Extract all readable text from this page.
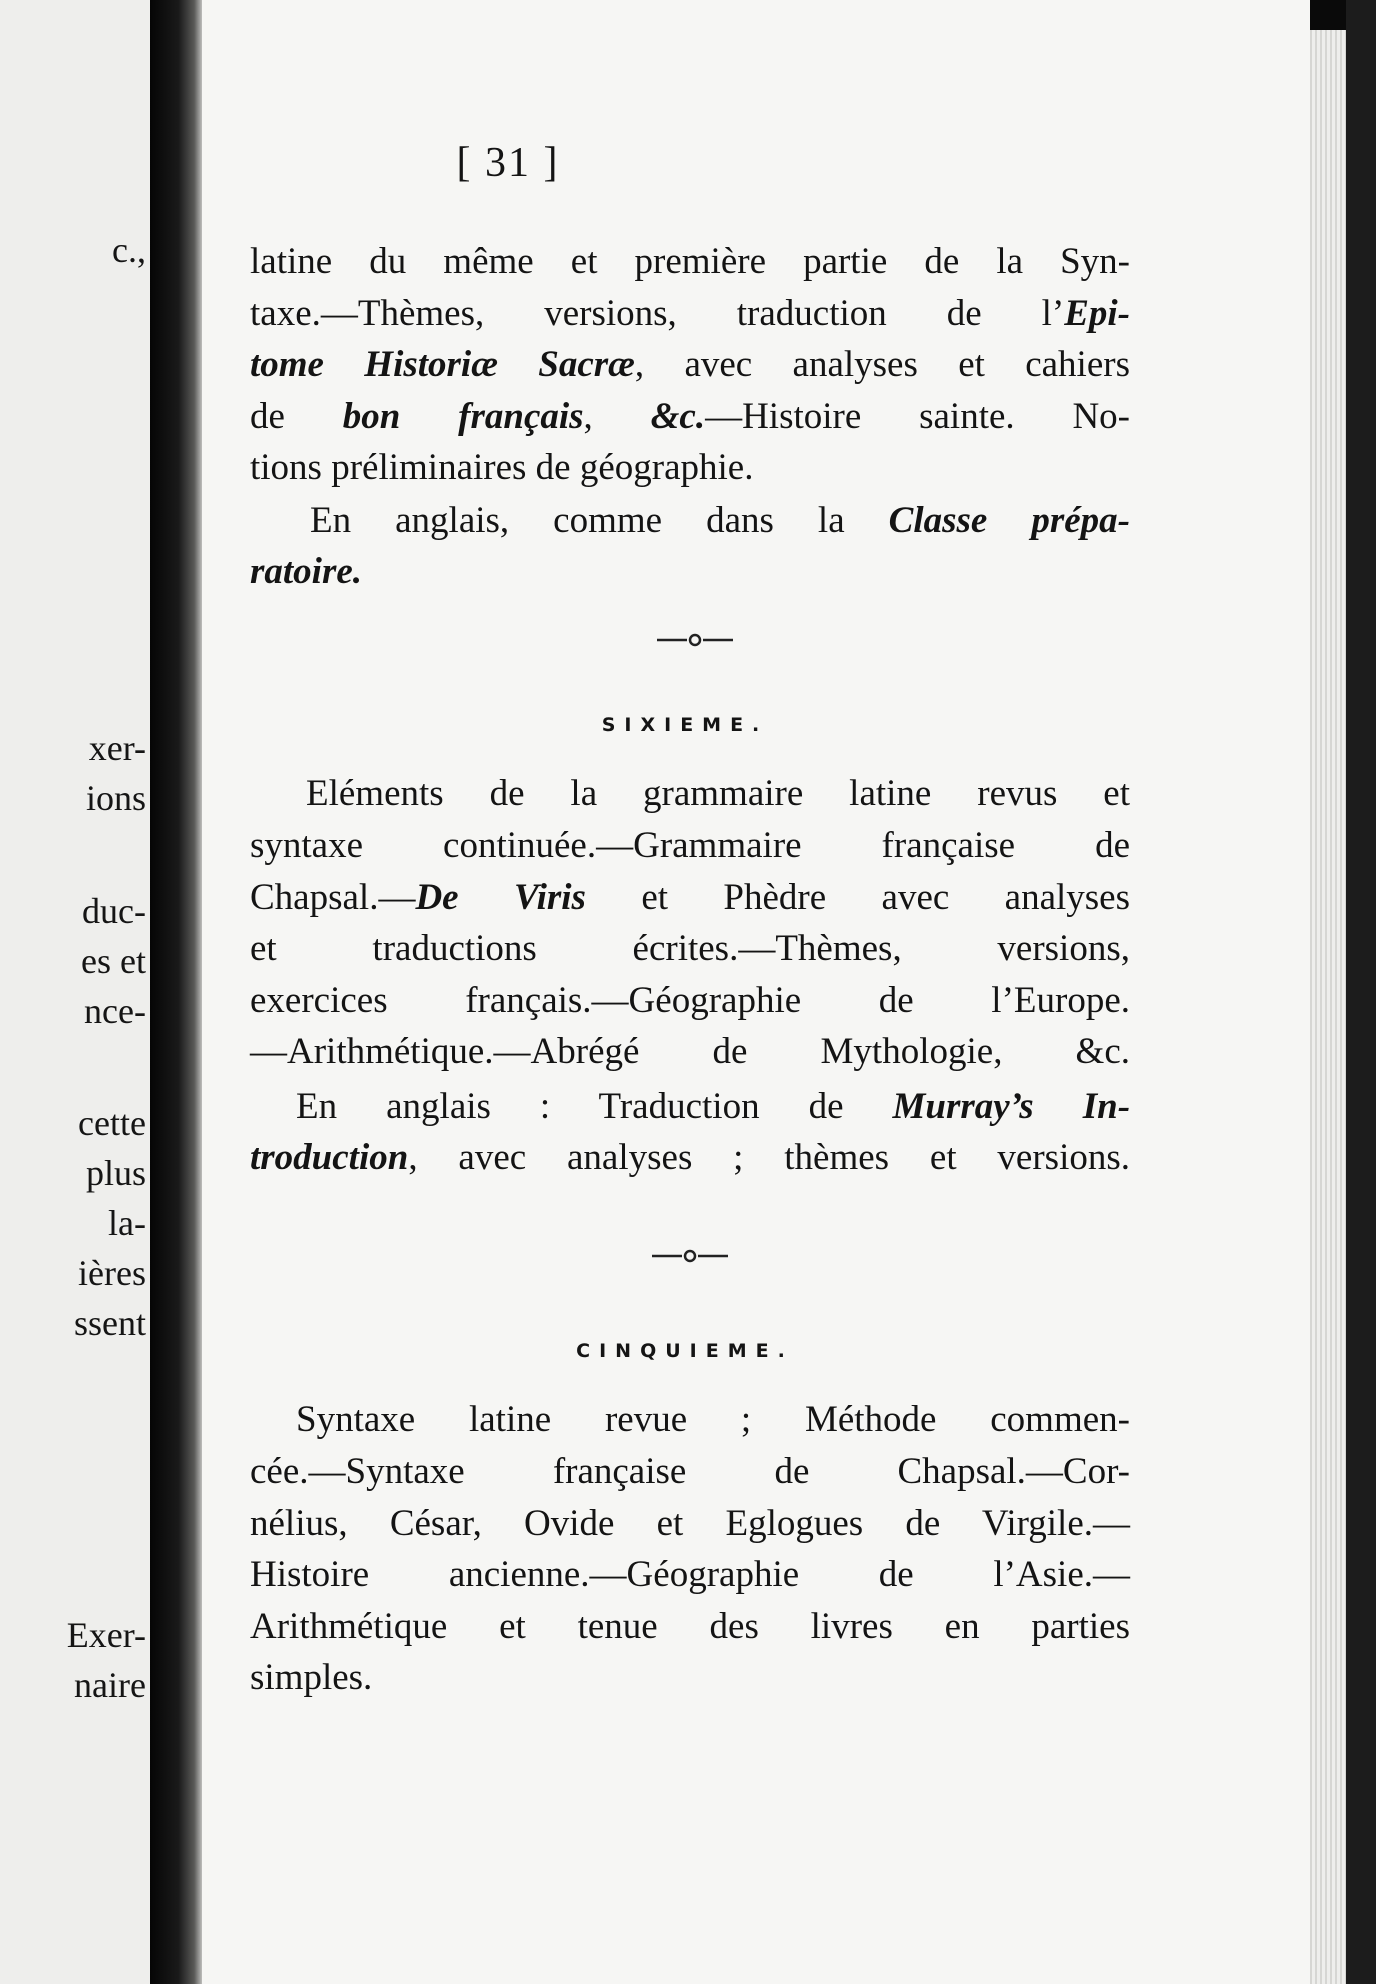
c.,
xer-
ions
duc-
es et
nce-
cette
plus
la-
ières
ssent
Exer-
naire
[ 31 ]
latine du même et première partie de la Syn-
taxe.—Thèmes, versions, traduction de l’Epi-
tome Historiæ Sacræ, avec analyses et cahiers
de bon français, &c.—Histoire sainte. No-
tions préliminaires de géographie.
En anglais, comme dans la Classe prépa-
ratoire.
SIXIEME.
Eléments de la grammaire latine revus et
syntaxe continuée.—Grammaire française de
Chapsal.—De Viris et Phèdre avec analyses
et traductions écrites.—Thèmes, versions,
exercices français.—Géographie de l’Europe.
—Arithmétique.—Abrégé de Mythologie, &c.
En anglais : Traduction de Murray’s In-
troduction, avec analyses ; thèmes et versions.
CINQUIEME.
Syntaxe latine revue ; Méthode commen-
cée.—Syntaxe française de Chapsal.—Cor-
nélius, César, Ovide et Eglogues de Virgile.—
Histoire ancienne.—Géographie de l’Asie.—
Arithmétique et tenue des livres en parties
simples.
